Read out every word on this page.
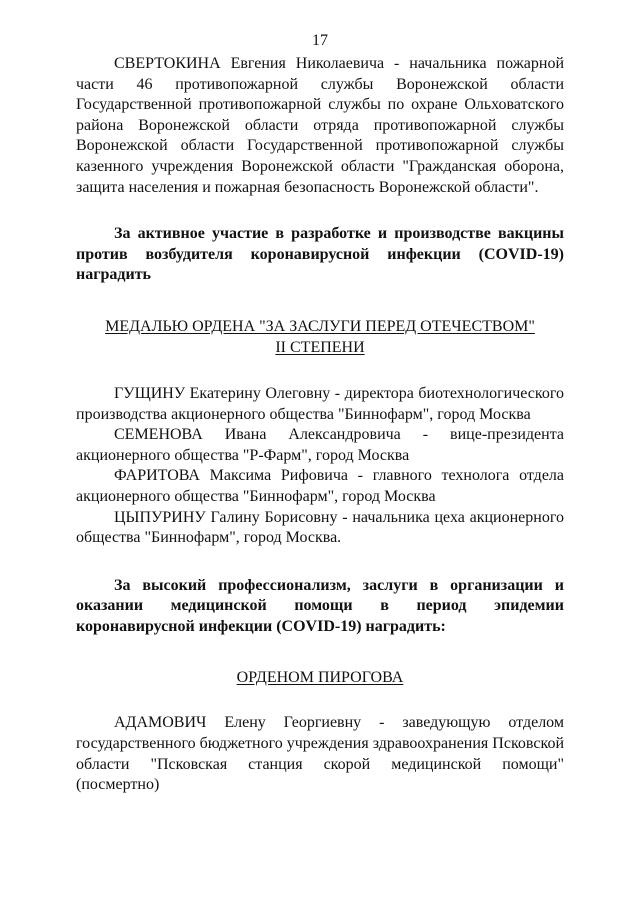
17

СВЕРТОКИНА Евгения Николаевича - начальника пожарной части 46 противопожарной службы Воронежской области Государственной противопожарной службы по охране Ольховатского района Воронежской области отряда противопожарной службы Воронежской области Государственной противопожарной службы казенного учреждения Воронежской области "Гражданская оборона, защита населения и пожарная безопасность Воронежской области".

За активное участие в разработке и производстве вакцины против возбудителя коронавирусной инфекции (COVID-19) наградить

МЕДАЛЬЮ ОРДЕНА "ЗА ЗАСЛУГИ ПЕРЕД ОТЕЧЕСТВОМ"
II СТЕПЕНИ

ГУЩИНУ Екатерину Олеговну - директора биотехнологического производства акционерного общества "Биннофарм", город Москва

СЕМЕНОВА Ивана Александровича - вице-президента акционерного общества "Р-Фарм", город Москва

ФАРИТОВА Максима Рифовича - главного технолога отдела акционерного общества "Биннофарм", город Москва

ЦЫПУРИНУ Галину Борисовну - начальника цеха акционерного общества "Биннофарм", город Москва.

За высокий профессионализм, заслуги в организации и оказании медицинской помощи в период эпидемии коронавирусной инфекции (COVID-19) наградить:

ОРДЕНОМ ПИРОГОВА

АДАМОВИЧ Елену Георгиевну - заведующую отделом государственного бюджетного учреждения здравоохранения Псковской области "Псковская станция скорой медицинской помощи" (посмертно)
